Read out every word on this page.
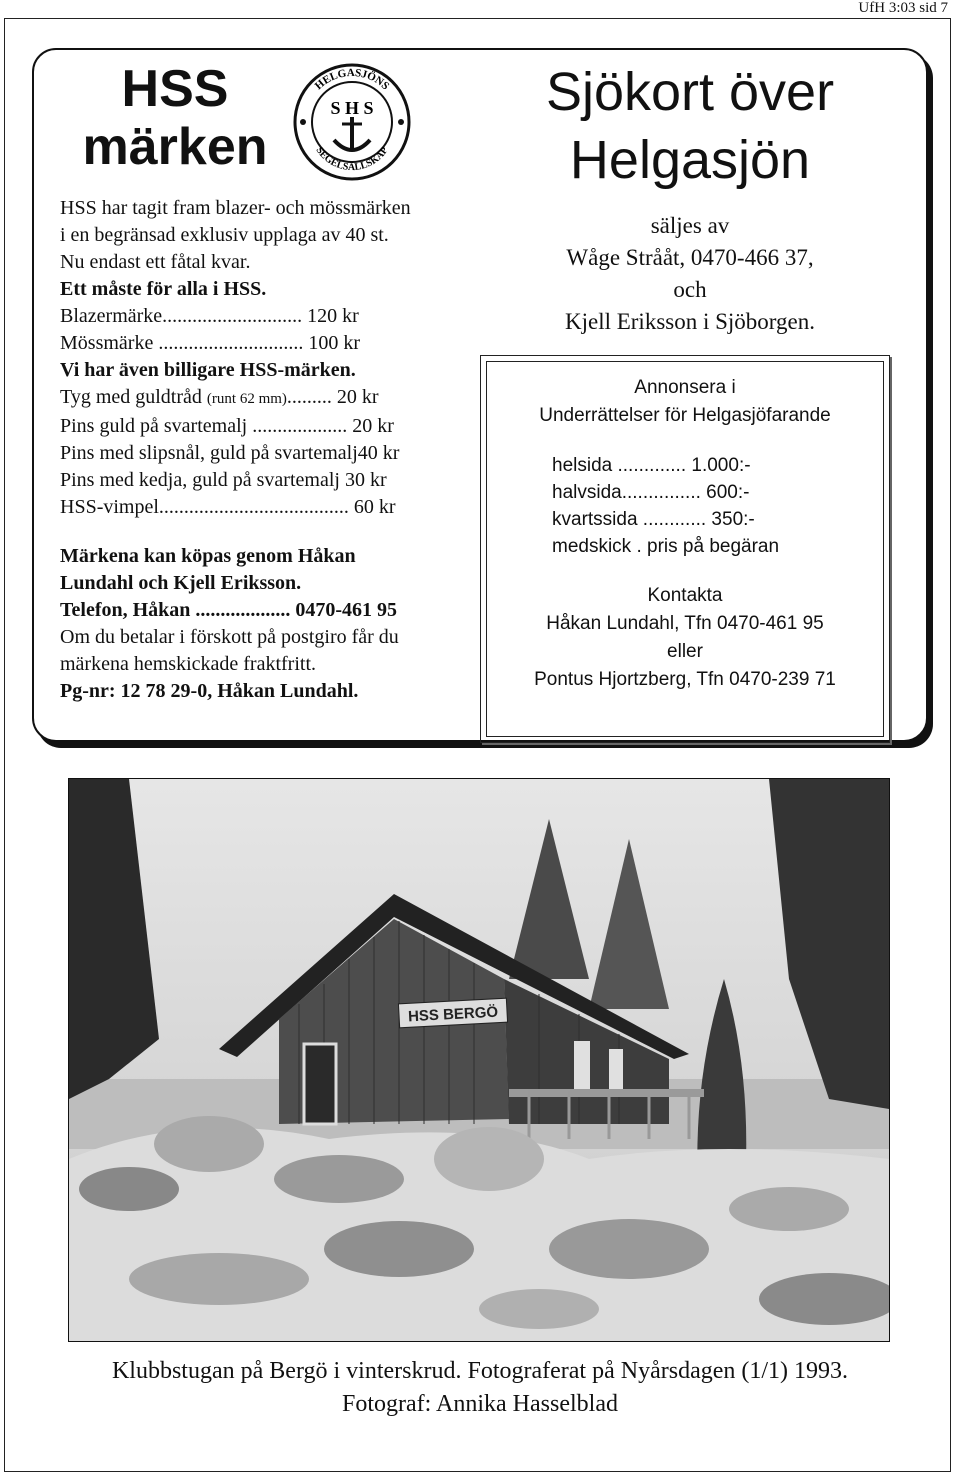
UfH 3:03 sid 7
HSS
märken
HELGASJÖNS
SEGELSÄLLSKAP
S H S
HSS har tagit fram blazer- och mössmärken
i en begränsad exklusiv upplaga av 40 st.
Nu endast ett fåtal kvar.
Ett måste för alla i HSS.
Blazermärke............................ 120 kr
Mössmärke ............................. 100 kr
Vi har även billigare HSS-märken.
Tyg med guldtråd (runt 62 mm)......... 20 kr
Pins guld på svartemalj ................... 20 kr
Pins med slipsnål, guld på svartemalj40 kr
Pins med kedja, guld på svartemalj 30 kr
HSS-vimpel...................................... 60 kr
Märkena kan köpas genom Håkan
Lundahl och Kjell Eriksson.
Telefon, Håkan ................... 0470-461 95
Om du betalar i förskott på postgiro får du
märkena hemskickade fraktfritt.
Pg-nr: 12 78 29-0, Håkan Lundahl.
Sjökort över
Helgasjön
säljes av
Wåge Strååt, 0470-466 37,
och
Kjell Eriksson i Sjöborgen.
Annonsera i
Underrättelser för Helgasjöfarande
helsida ............. 1.000:-
halvsida............... 600:-
kvartssida ............ 350:-
medskick . pris på begäran
Kontakta
Håkan Lundahl, Tfn 0470-461 95
eller
Pontus Hjortzberg, Tfn 0470-239 71
HSS BERGÖ
Klubbstugan på Bergö i vinterskrud. Fotograferat på Nyårsdagen (1/1) 1993.
Fotograf: Annika Hasselblad
